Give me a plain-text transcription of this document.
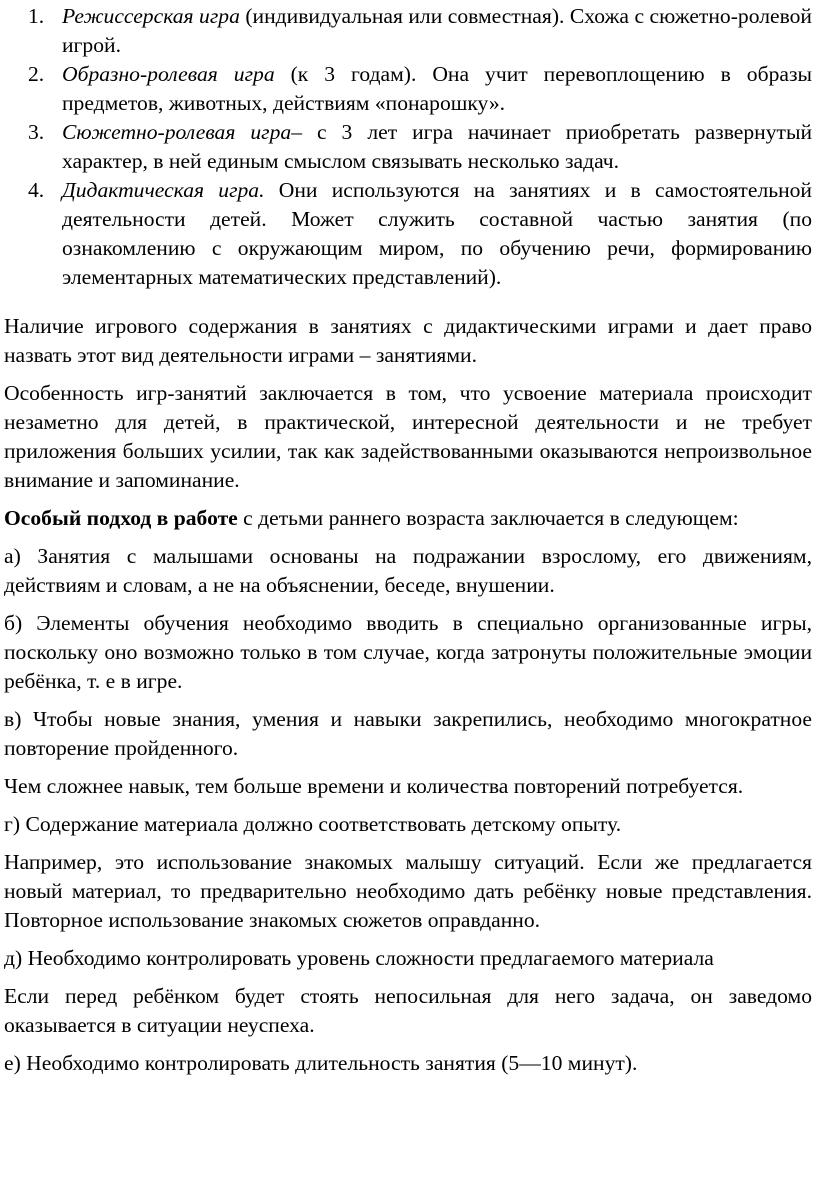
1. Режиссерская игра (индивидуальная или совместная). Схожа с сюжетно-ролевой игрой.
2. Образно-ролевая игра (к 3 годам). Она учит перевоплощению в образы предметов, животных, действиям «понарошку».
3. Сюжетно-ролевая игра– с 3 лет игра начинает приобретать развернутый характер, в ней единым смыслом связывать несколько задач.
4. Дидактическая игра. Они используются на занятиях и в самостоятельной деятельности детей. Может служить составной частью занятия (по ознакомлению с окружающим миром, по обучению речи, формированию элементарных математических представлений).

Наличие игрового содержания в занятиях с дидактическими играми и дает право назвать этот вид деятельности играми – занятиями.

Особенность игр-занятий заключается в том, что усвоение материала происходит незаметно для детей, в практической, интересной деятельности и не требует приложения больших усилии, так как задействованными оказываются непроизвольное внимание и запоминание.

Особый подход в работе с детьми раннего возраста заключается в следующем:

а) Занятия с малышами основаны на подражании взрослому, его движениям, действиям и словам, а не на объяснении, беседе, внушении.

б) Элементы обучения необходимо вводить в специально организованные игры, поскольку оно возможно только в том случае, когда затронуты положительные эмоции ребёнка, т. е в игре.

в) Чтобы новые знания, умения и навыки закрепились, необходимо многократное повторение пройденного.

Чем сложнее навык, тем больше времени и количества повторений потребуется.

г) Содержание материала должно соответствовать детскому опыту.

Например, это использование знакомых малышу ситуаций. Если же предлагается новый материал, то предварительно необходимо дать ребёнку новые представления. Повторное использование знакомых сюжетов оправданно.

д) Необходимо контролировать уровень сложности предлагаемого материала

Если перед ребёнком будет стоять непосильная для него задача, он заведомо оказывается в ситуации неуспеха.

е) Необходимо контролировать длительность занятия (5—10 минут).
